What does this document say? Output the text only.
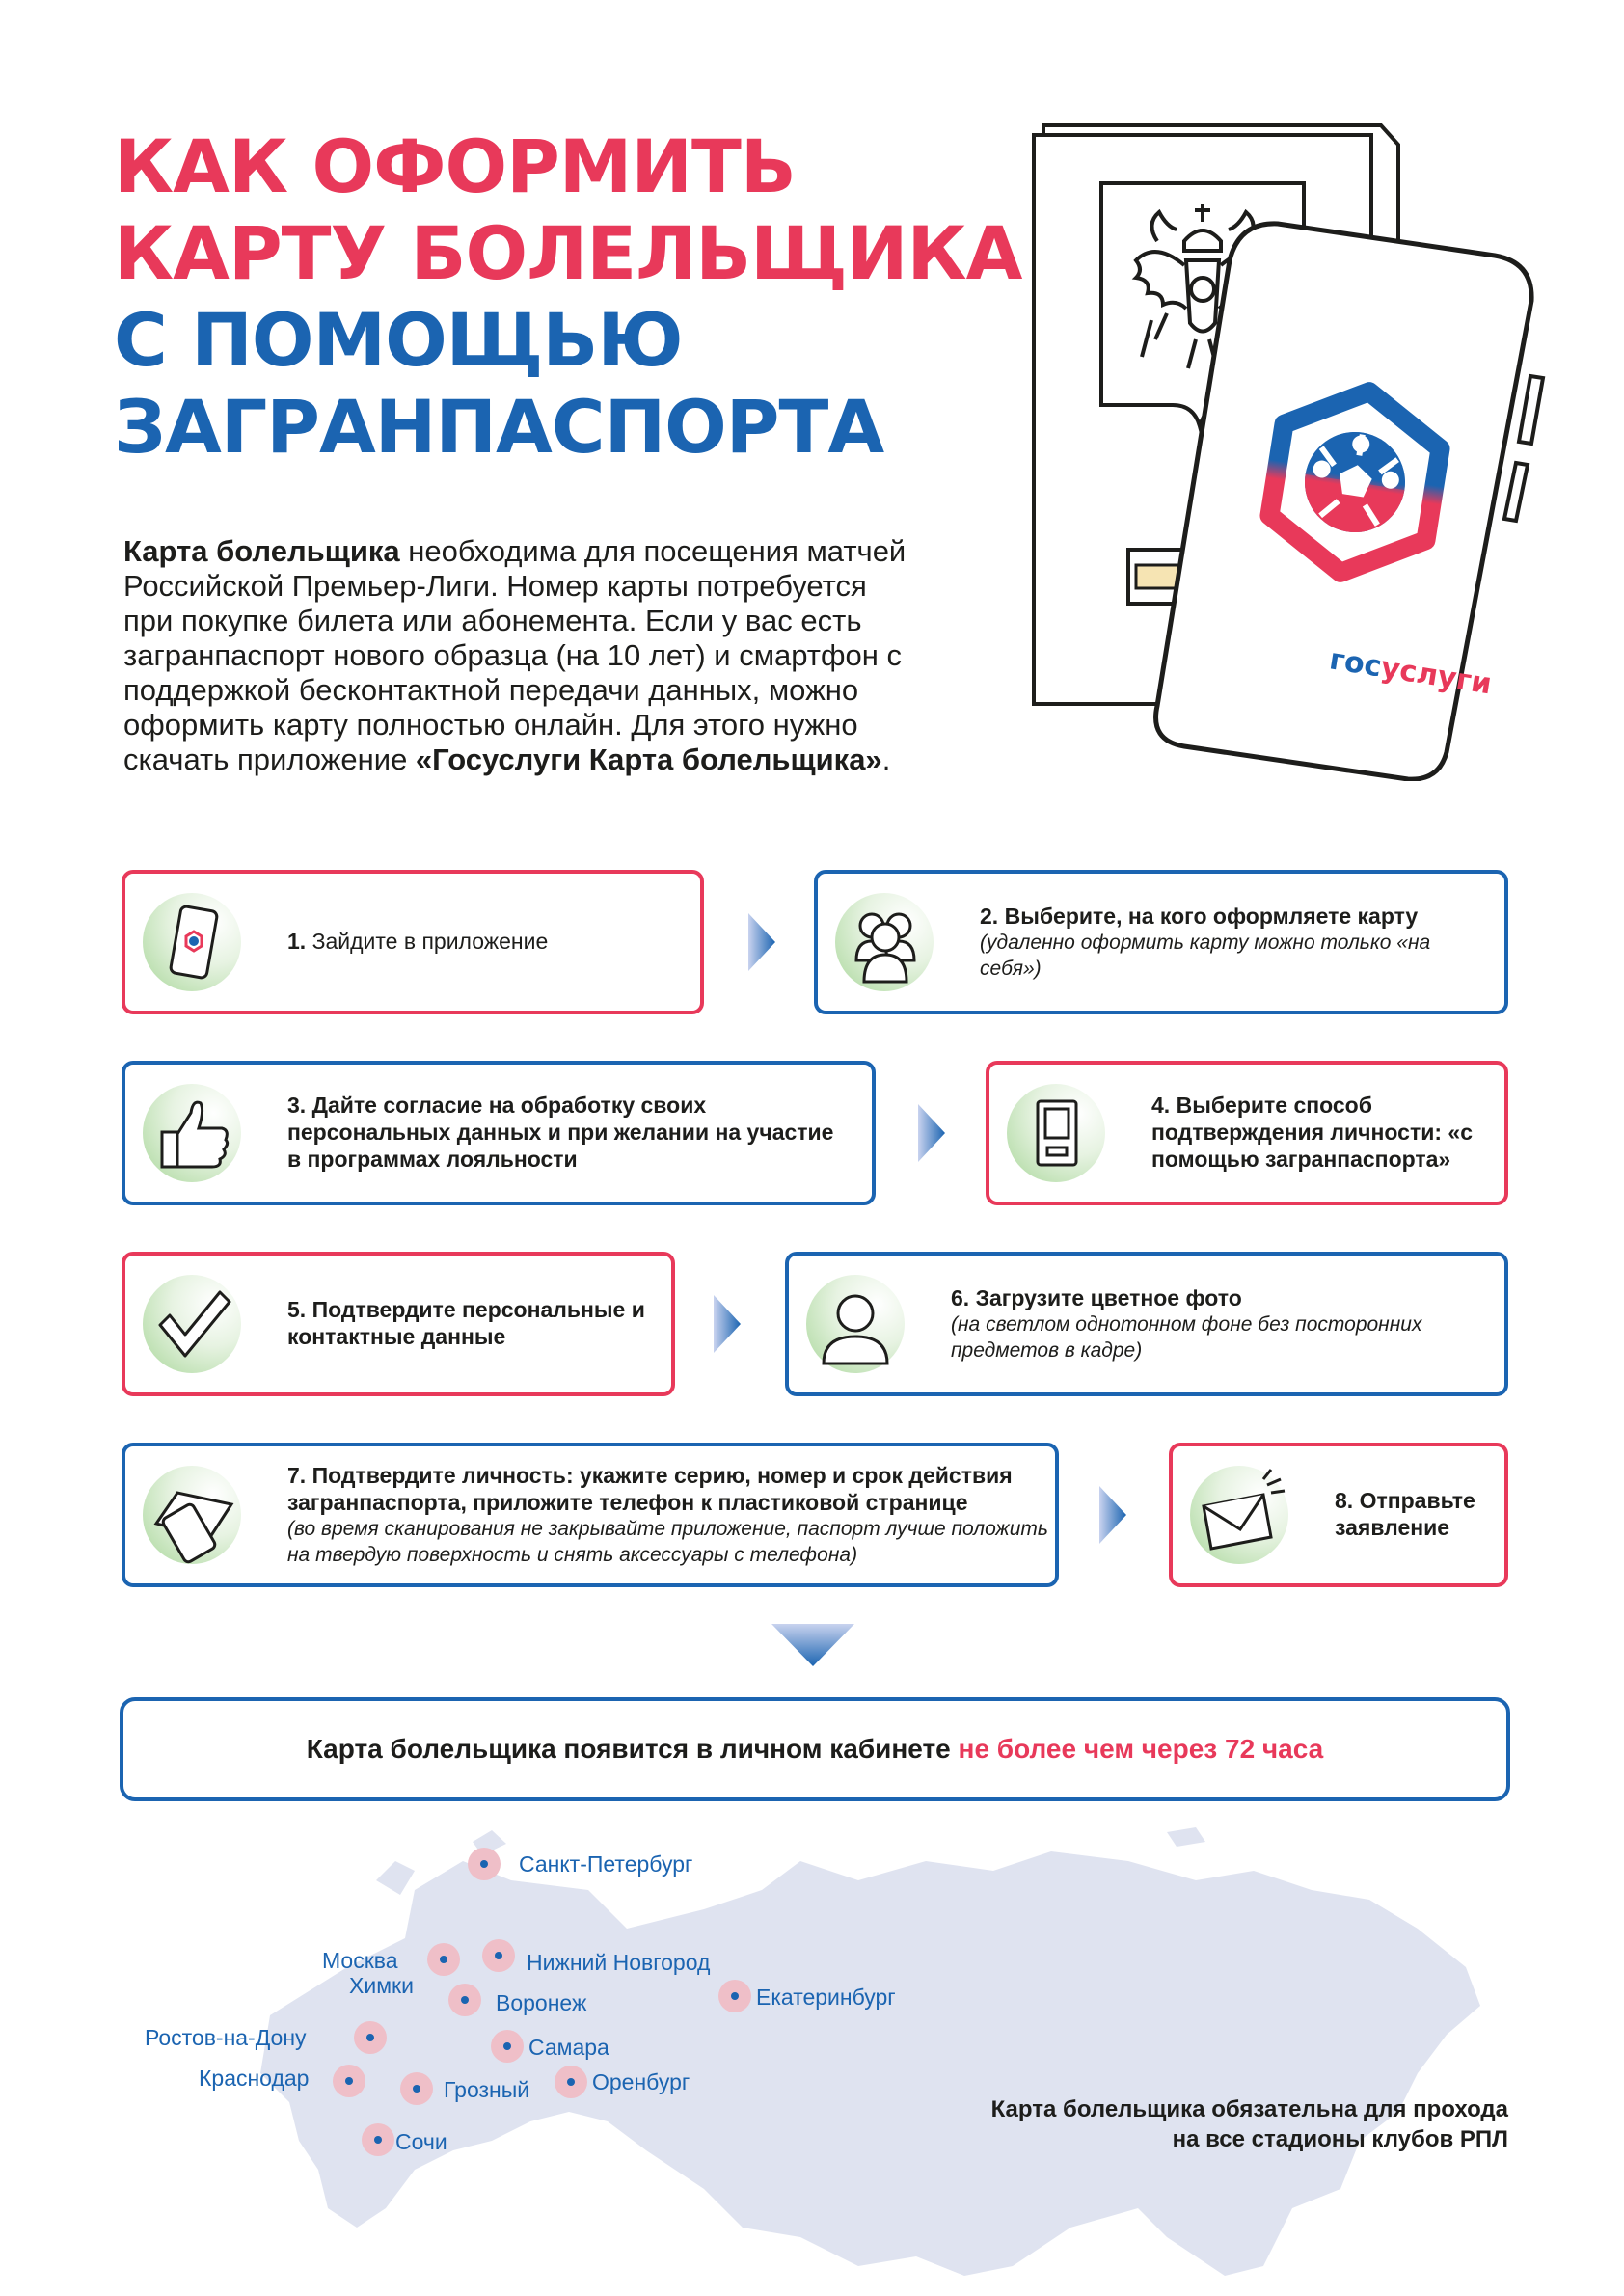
КАК ОФОРМИТЬ
КАРТУ БОЛЕЛЬЩИКА
С ПОМОЩЬЮ
ЗАГРАНПАСПОРТА
госуслуги

Карта болельщика необходима для посещения матчей Российской Премьер-Лиги. Номер карты потребуется при покупке билета или абонемента. Если у вас есть загранпаспорт нового образца (на 10 лет) и смартфон с поддержкой бесконтактной передачи данных, можно оформить карту полностью онлайн. Для этого нужно скачать приложение «Госуслуги Карта болельщика».

1. Зайдите в приложение
2. Выберите, на кого оформляете карту
(удаленно оформить карту можно только «на себя»)
3. Дайте согласие на обработку своих персональных данных и при желании на участие в программах лояльности
4. Выберите способ подтверждения личности: «с помощью загранпаспорта»
5. Подтвердите персональные и контактные данные
6. Загрузите цветное фото
(на светлом однотонном фоне без посторонних предметов в кадре)
7. Подтвердите личность: укажите серию, номер и срок действия загранпаспорта, приложите телефон к пластиковой странице
(во время сканирования не закрывайте приложение, паспорт лучше положить на твердую поверхность и снять аксессуары с телефона)
8. Отправьте заявление
Карта болельщика появится в личном кабинете не более чем через 72 часа
Санкт-Петербург
Москва
Химки
Нижний Новгород
Воронеж	Екатеринбург
Ростов-на-Дону	Самара
Краснодар	Грозный	Оренбург
Сочи
Карта болельщика обязательна для прохода
на все стадионы клубов РПЛ
